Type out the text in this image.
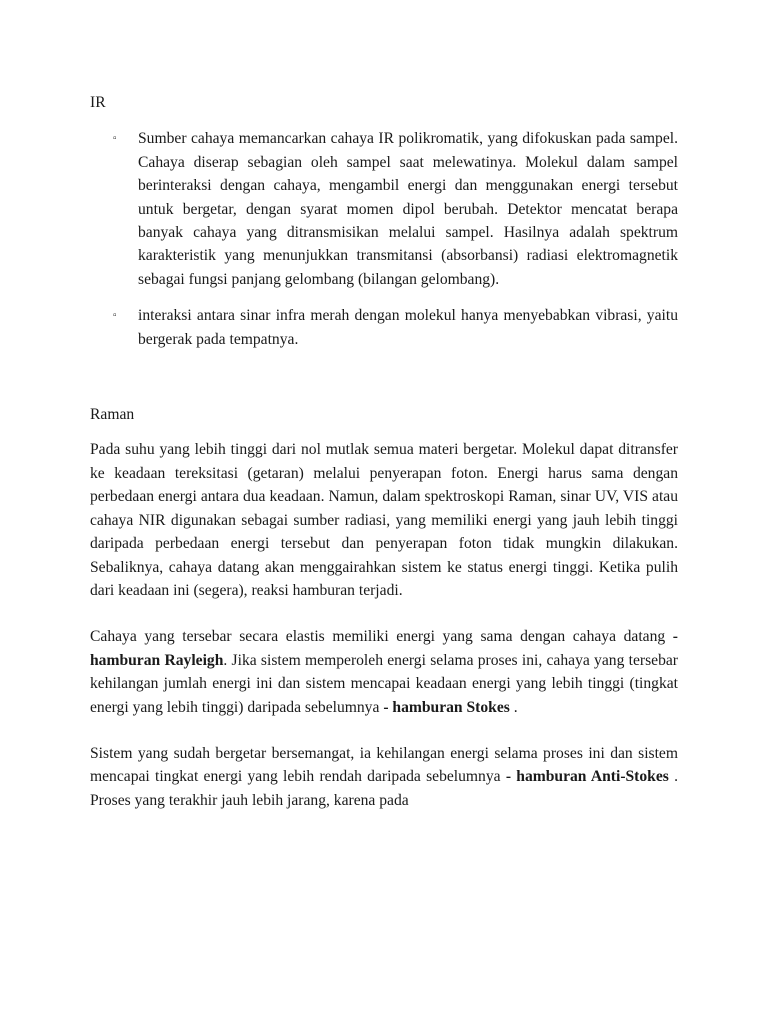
IR
▫ Sumber cahaya memancarkan cahaya IR polikromatik, yang difokuskan pada sampel. Cahaya diserap sebagian oleh sampel saat melewatinya. Molekul dalam sampel berinteraksi dengan cahaya, mengambil energi dan menggunakan energi tersebut untuk bergetar, dengan syarat momen dipol berubah. Detektor mencatat berapa banyak cahaya yang ditransmisikan melalui sampel. Hasilnya adalah spektrum karakteristik yang menunjukkan transmitansi (absorbansi) radiasi elektromagnetik sebagai fungsi panjang gelombang (bilangan gelombang).

▫ interaksi antara sinar infra merah dengan molekul hanya menyebabkan vibrasi, yaitu bergerak pada tempatnya.

Raman

Pada suhu yang lebih tinggi dari nol mutlak semua materi bergetar. Molekul dapat ditransfer ke keadaan tereksitasi (getaran) melalui penyerapan foton. Energi harus sama dengan perbedaan energi antara dua keadaan. Namun, dalam spektroskopi Raman, sinar UV, VIS atau cahaya NIR digunakan sebagai sumber radiasi, yang memiliki energi yang jauh lebih tinggi daripada perbedaan energi tersebut dan penyerapan foton tidak mungkin dilakukan. Sebaliknya, cahaya datang akan menggairahkan sistem ke status energi tinggi. Ketika pulih dari keadaan ini (segera), reaksi hamburan terjadi.

Cahaya yang tersebar secara elastis memiliki energi yang sama dengan cahaya datang - hamburan Rayleigh. Jika sistem memperoleh energi selama proses ini, cahaya yang tersebar kehilangan jumlah energi ini dan sistem mencapai keadaan energi yang lebih tinggi (tingkat energi yang lebih tinggi) daripada sebelumnya - hamburan Stokes .

Sistem yang sudah bergetar bersemangat, ia kehilangan energi selama proses ini dan sistem mencapai tingkat energi yang lebih rendah daripada sebelumnya - hamburan Anti-Stokes . Proses yang terakhir jauh lebih jarang, karena pada
